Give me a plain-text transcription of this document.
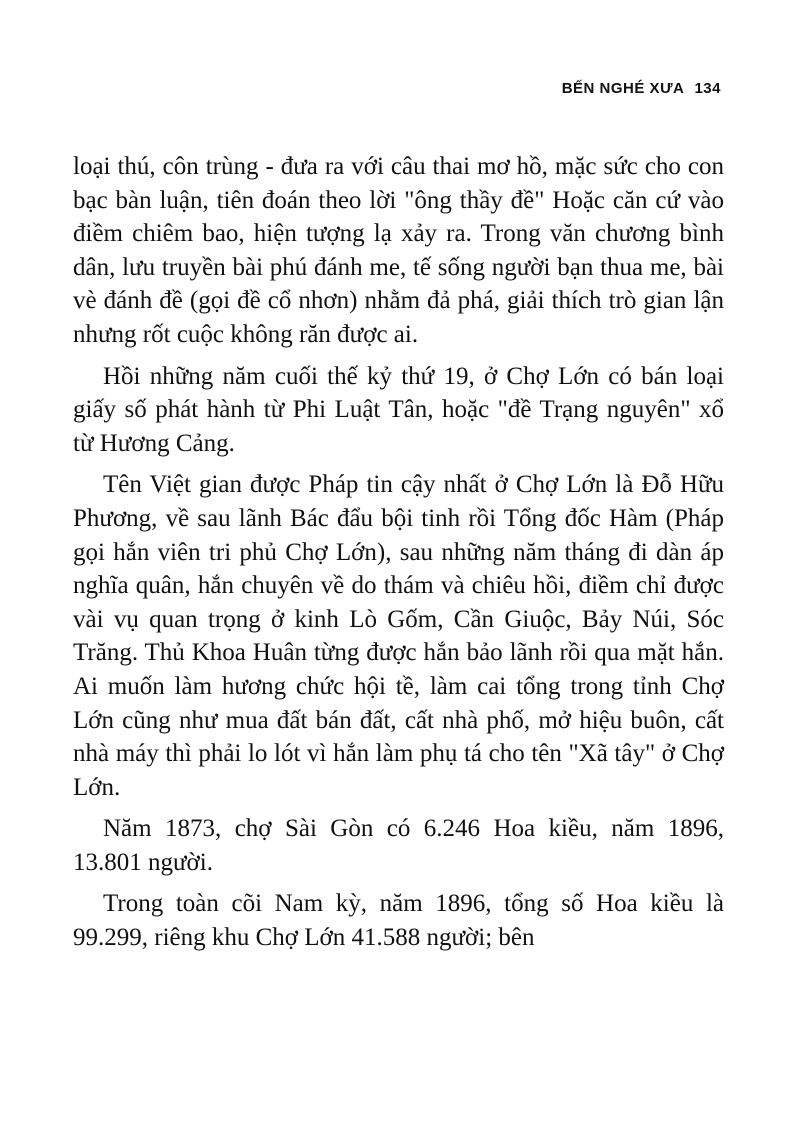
BẾN NGHÉ XƯA 134

loại thú, côn trùng - đưa ra với câu thai mơ hồ, mặc sức cho con bạc bàn luận, tiên đoán theo lời "ông thầy đề" Hoặc căn cứ vào điềm chiêm bao, hiện tượng lạ xảy ra. Trong văn chương bình dân, lưu truyền bài phú đánh me, tế sống người bạn thua me, bài vè đánh đề (gọi đề cổ nhơn) nhằm đả phá, giải thích trò gian lận nhưng rốt cuộc không răn được ai.

Hồi những năm cuối thế kỷ thứ 19, ở Chợ Lớn có bán loại giấy số phát hành từ Phi Luật Tân, hoặc "đề Trạng nguyên" xổ từ Hương Cảng.

Tên Việt gian được Pháp tin cậy nhất ở Chợ Lớn là Đỗ Hữu Phương, về sau lãnh Bác đẩu bội tinh rồi Tổng đốc Hàm (Pháp gọi hắn viên tri phủ Chợ Lớn), sau những năm tháng đi dàn áp nghĩa quân, hắn chuyên về do thám và chiêu hồi, điềm chỉ được vài vụ quan trọng ở kinh Lò Gốm, Cần Giuộc, Bảy Núi, Sóc Trăng. Thủ Khoa Huân từng được hắn bảo lãnh rồi qua mặt hắn. Ai muốn làm hương chức hội tề, làm cai tổng trong tỉnh Chợ Lớn cũng như mua đất bán đất, cất nhà phố, mở hiệu buôn, cất nhà máy thì phải lo lót vì hắn làm phụ tá cho tên "Xã tây" ở Chợ Lớn.

Năm 1873, chợ Sài Gòn có 6.246 Hoa kiều, năm 1896, 13.801 người.

Trong toàn cõi Nam kỳ, năm 1896, tổng số Hoa kiều là 99.299, riêng khu Chợ Lớn 41.588 người; bên
